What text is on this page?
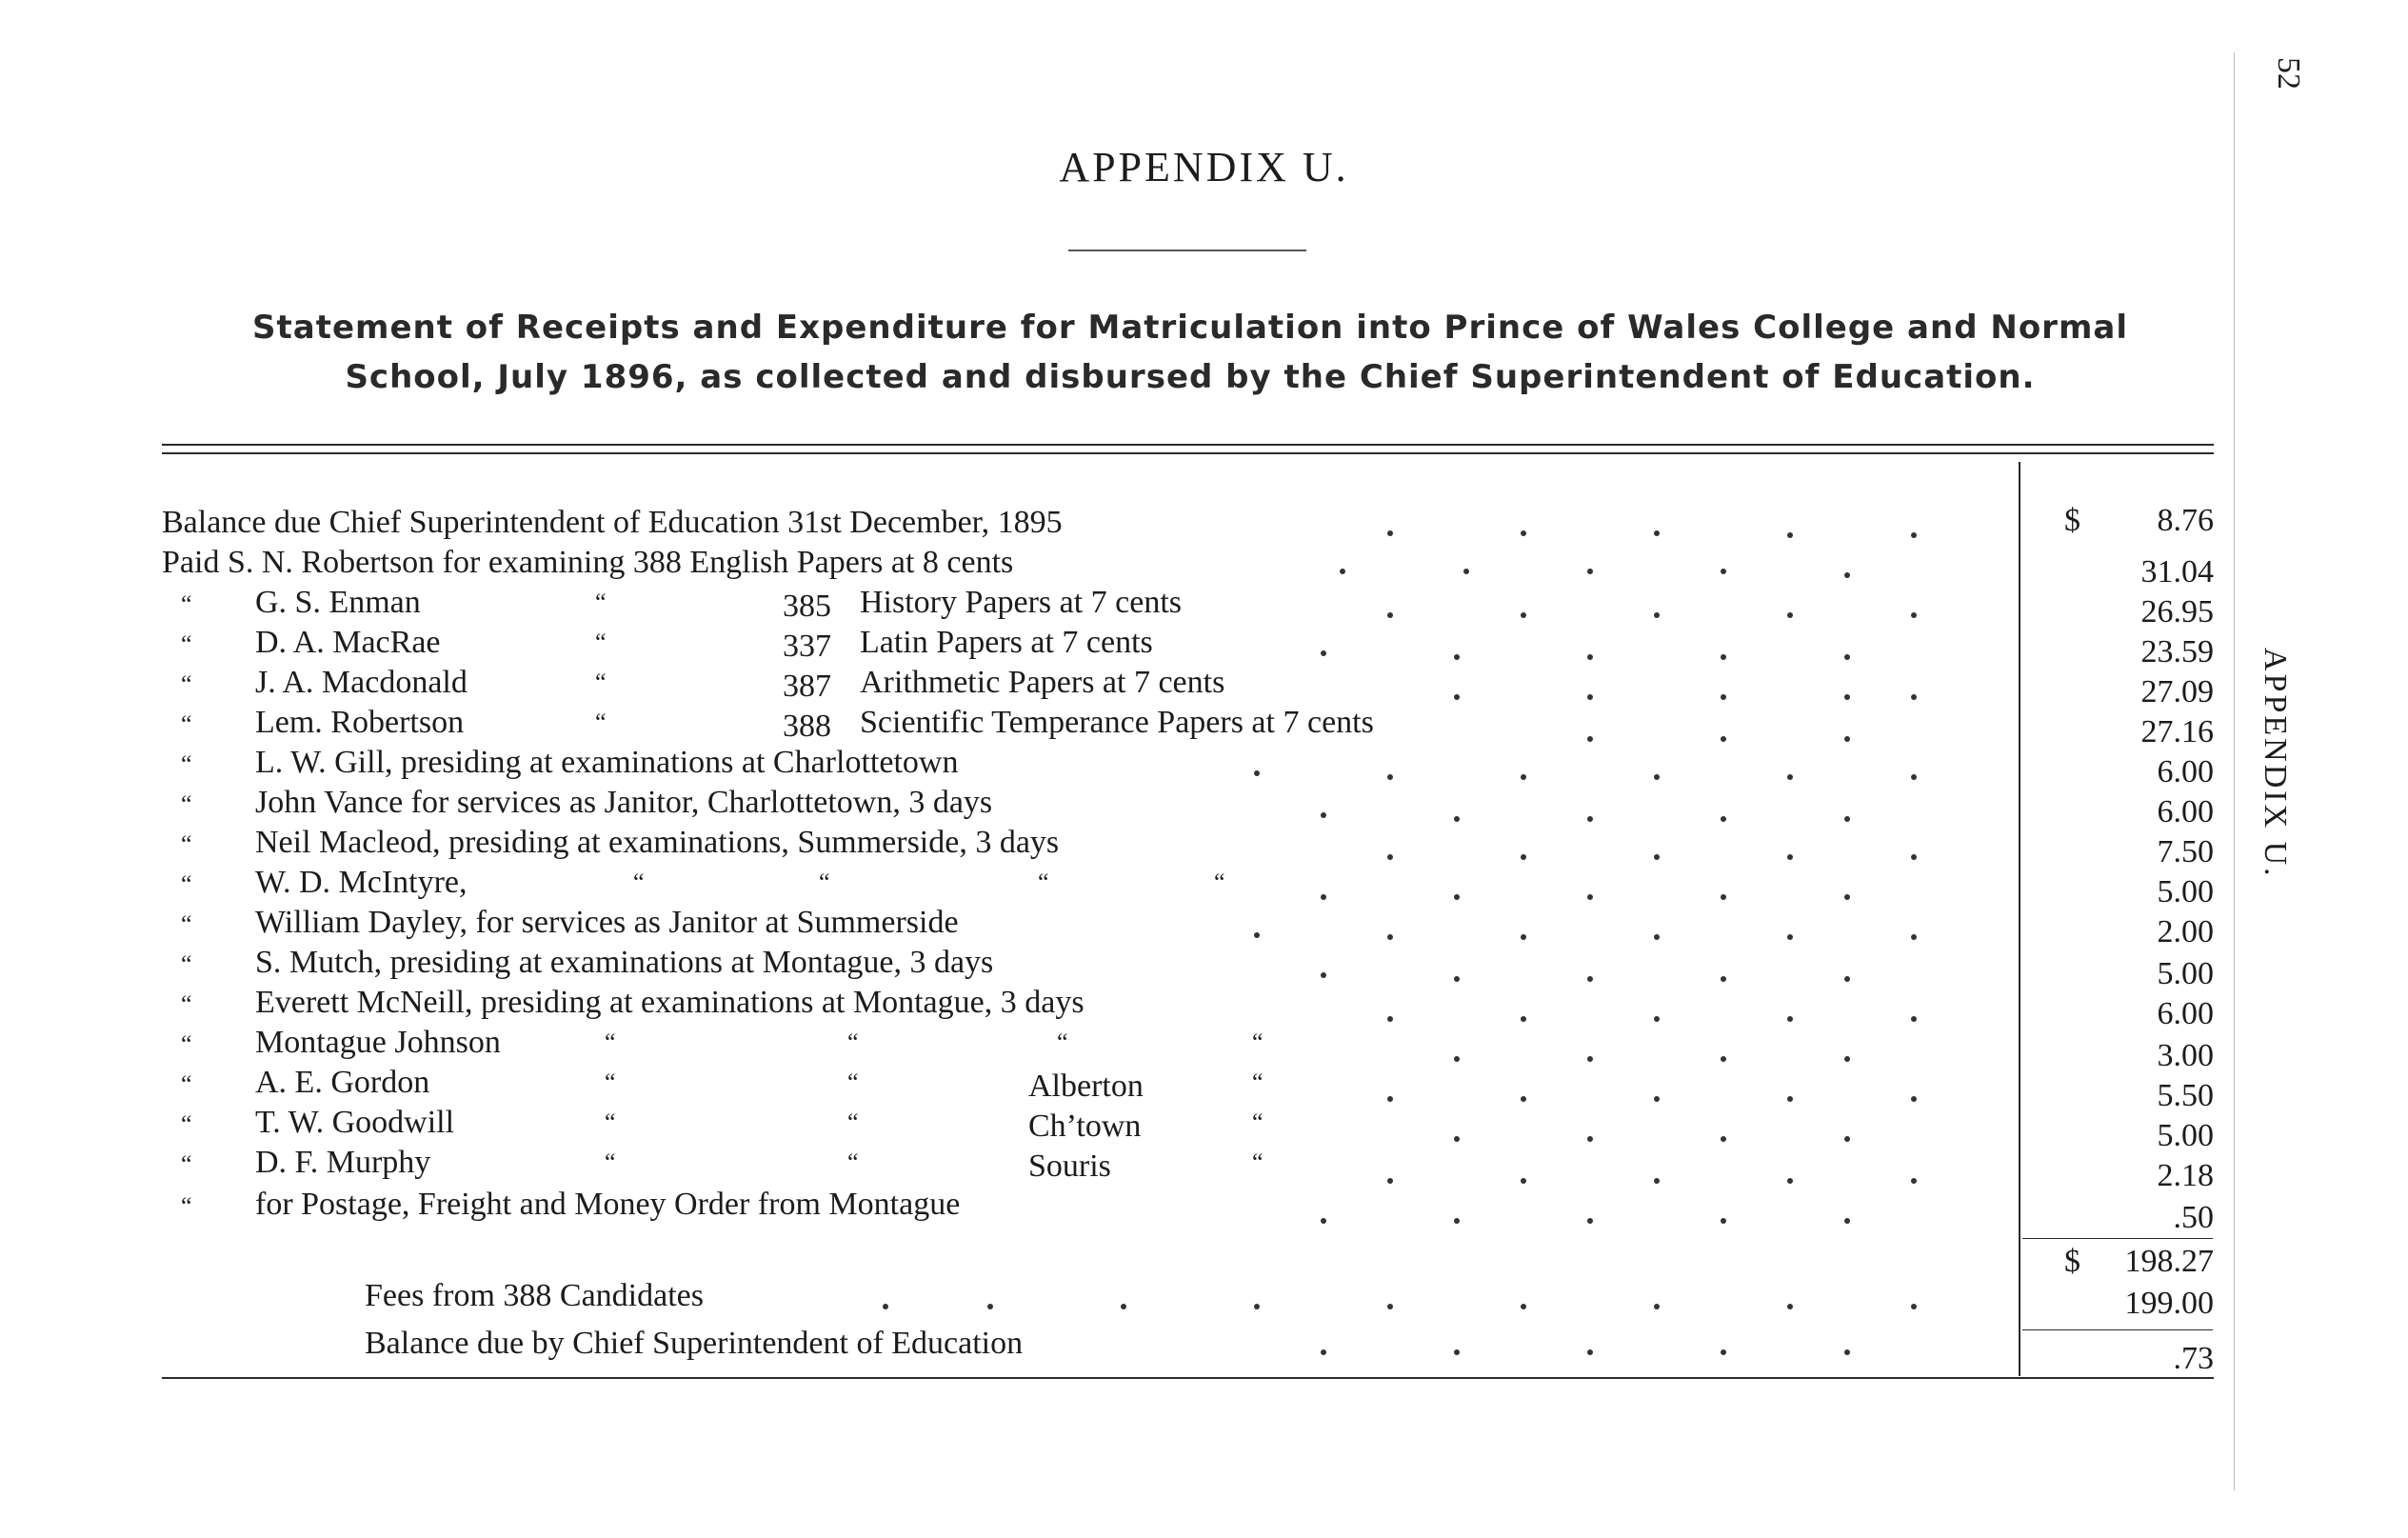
APPENDIX U.
Statement of Receipts and Expenditure for Matriculation into Prince of Wales College and Normal
School, July 1896, as collected and disbursed by the Chief Superintendent of Education.
52
APPENDIX U.
Balance due Chief Superintendent of Education 31st December, 1895	$ 8.76
Paid S. N. Robertson for examining 388 English Papers at 8 cents	31.04
“ G. S. Enman	“	385 History Papers at 7 cents	26.95
“ D. A. MacRae	“	337 Latin Papers at 7 cents	23.59
“ J. A. Macdonald	“	387 Arithmetic Papers at 7 cents	27.09
“ Lem. Robertson	“	388 Scientific Temperance Papers at 7 cents	27.16
“ L. W. Gill, presiding at examinations at Charlottetown	6.00
“ John Vance for services as Janitor, Charlottetown, 3 days	6.00
“ Neil Macleod, presiding at examinations, Summerside, 3 days	7.50
“ W. D. McIntyre,	“	“	“	“	5.00
“ William Dayley, for services as Janitor at Summerside	2.00
“ S. Mutch, presiding at examinations at Montague, 3 days	5.00
“ Everett McNeill, presiding at examinations at Montague, 3 days	6.00
“ Montague Johnson	“	“	“	“	3.00
“ A. E. Gordon	“	“	Alberton	“	5.50
“ T. W. Goodwill	“	“	Ch’town	“	5.00
“ D. F. Murphy	“	“	Souris	“	2.18
“ for Postage, Freight and Money Order from Montague	.50
$ 198.27
Fees from 388 Candidates	199.00
Balance due by Chief Superintendent of Education	.73
